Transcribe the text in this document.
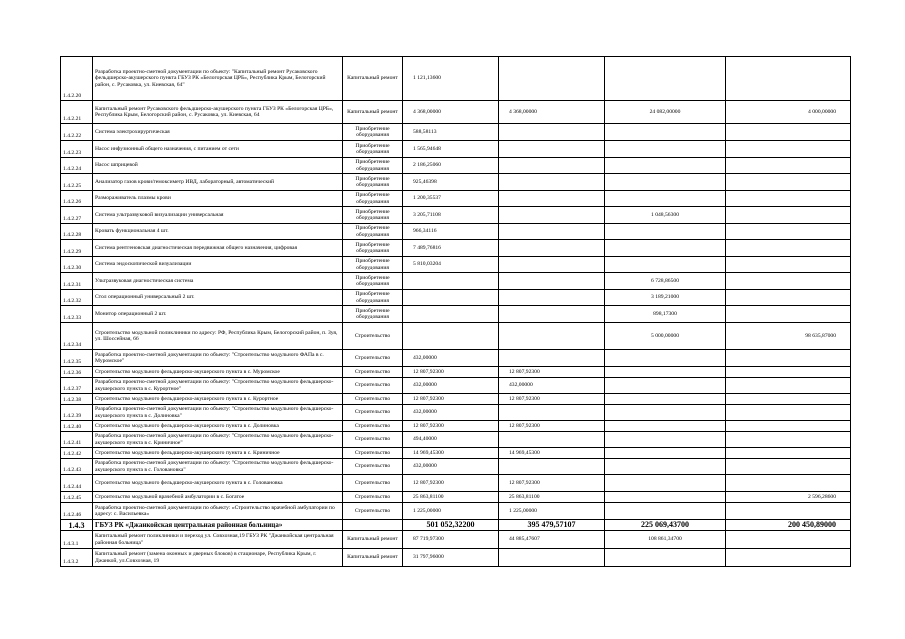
1.4.2.20	Разработка проектно-сметной документации по объекту: "Капитальный ремонт Русаковского фельдшерско-акушерского пункта ГБУЗ РК «Белогорская ЦРБ», Республика Крым, Белогорский район, с. Русаковка, ул. Киевская, 64"	Капитальный ремонт	1 121,13600			
1.4.2.21	Капитальный ремонт Русаковского фельдшерско-акушерского пункта ГБУЗ РК «Белогорская ЦРБ», Республика Крым, Белогорский район, с. Русаковка, ул. Киевская, 64	Капитальный ремонт	4 368,00000	4 368,00000	24 082,00000	4 000,00000
1.4.2.22	Система электрохирургическая	Приобретение оборудования	588,58113			
1.4.2.23	Насос инфузионный общего назначения, с питанием от сети	Приобретение оборудования	1 565,94648			
1.4.2.24	Насос шприцевой	Приобретение оборудования	2 186,25060			
1.4.2.25	Анализатор газов крови/гемоксиметр ИВД, лабораторный, автоматический	Приобретение оборудования	925,46398			
1.4.2.26	Размораживатель плазмы крови	Приобретение оборудования	1 200,35537			
1.4.2.27	Система ультразвуковой визуализации универсальная	Приобретение оборудования	3 205,71108		1 048,56300	
1.4.2.28	Кровать функциональная 4 шт.	Приобретение оборудования	966,34116			
1.4.2.29	Система рентгеновская диагностическая передвижная общего назначения, цифровая	Приобретение оборудования	7 489,76816			
1.4.2.30	Система эндоскопической визуализации	Приобретение оборудования	5 810,03204			
1.4.2.31	Ультразвуковая диагностическая система	Приобретение оборудования			6 728,86500	
1.4.2.32	Стол операционный универсальный 2 шт.	Приобретение оборудования			3 189,21000	
1.4.2.33	Монитор операционный 2 шт.	Приобретение оборудования			898,17300	
1.4.2.34	Строительство модульной поликлиники по адресу: РФ, Республика Крым, Белогорский район, п. Зуя, ул. Шоссейная, 66	Строительство			5 000,00000	98 635,87000
1.4.2.35	Разработка проектно-сметной документации по объекту: "Строительство модульного ФАПа в с. Муромское"	Строительство	432,00000			
1.4.2.36	Строительство модульного фельдшерско-акушерского пункта в с. Муромское	Строительство	12 807,92300	12 807,92300		
1.4.2.37	Разработка проектно-сметной документации по объекту: "Строительство модульного фельдшерско-акушерского пункта в с. Курортное"	Строительство	432,00000	432,00000		
1.4.2.38	Строительство модульного фельдшерско-акушерского пункта в с. Курортное	Строительство	12 807,92300	12 807,92300		
1.4.2.39	Разработка проектно-сметной документации по объекту: "Строительство модульного фельдшерско-акушерского пункта в с. Долиновка"	Строительство	432,00000			
1.4.2.40	Строительство модульного фельдшерско-акушерского пункта в с. Долиновка	Строительство	12 807,92300	12 807,92300		
1.4.2.41	Разработка проектно-сметной документации по объекту: "Строительство модульного фельдшерско-акушерского пункта в с. Криничное"	Строительство	494,40000			
1.4.2.42	Строительство модульного фельдшерско-акушерского пункта в с. Криничное	Строительство	14 969,45300	14 969,45300		
1.4.2.43	Разработка проектно-сметной документации по объекту: "Строительство модульного фельдшерско-акушерского пункта в с. Головановка"	Строительство	432,00000			
1.4.2.44	Строительство модульного фельдшерско-акушерского пункта в с. Головановка	Строительство	12 807,92300	12 807,92300		
1.4.2.45	Строительство модульной врачебной амбулатории в с. Богатое	Строительство	25 863,81100	25 863,81100		2 596,28600
1.4.2.46	Разработка проектно-сметной документации по объекту: «Строительство врачебной амбулатории по адресу: с. Васильевка»	Строительство	1 225,00000	1 225,00000		
1.4.3	ГБУЗ РК «Джанкойская центральная районная больница»		501 052,32200	395 479,57107	225 069,43700	200 450,89000
1.4.3.1	Капитальный ремонт поликлиники и переход ул. Совхозная,19 ГБУЗ РК "Джанкойская центральная районная больница"	Капитальный ремонт	87 719,97300	44 885,47607	108 861,34700	
1.4.3.2	Капитальный ремонт (замена оконных и дверных блоков) в стационаре, Республика Крым, г. Джанкой, ул.Совхозная, 19	Капитальный ремонт	31 797,96000			
